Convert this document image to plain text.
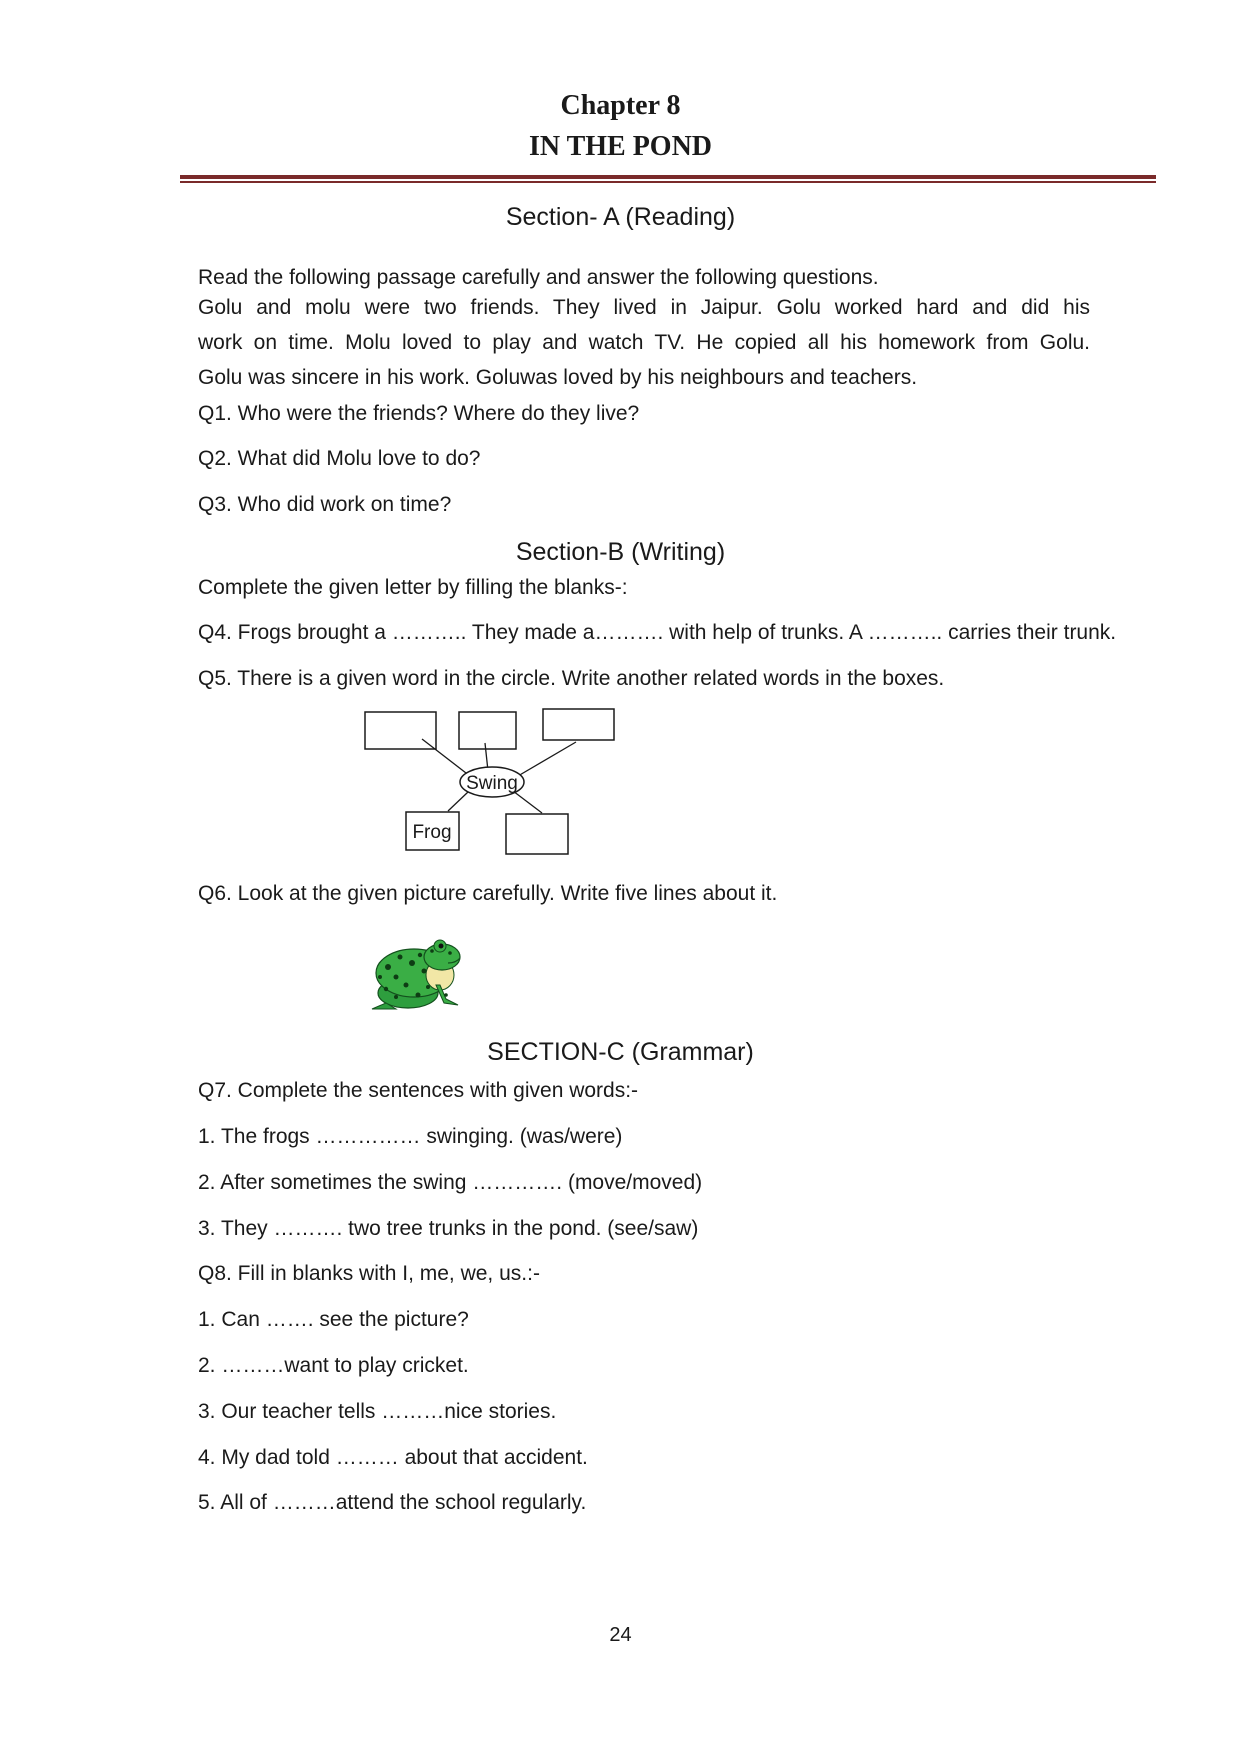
Chapter 8
IN THE POND
Section- A (Reading)
Read the following passage carefully and answer the following questions.
Golu and molu were two friends. They lived in Jaipur. Golu worked hard and did his
work on time. Molu loved to play and watch TV. He copied all his homework from Golu.
Golu was sincere in his work. Goluwas loved by his neighbours and teachers.
Q1. Who were the friends? Where do they live?
Q2. What did Molu love to do?
Q3. Who did work on time?
Section-B (Writing)
Complete the given letter by filling the blanks-:
Q4. Frogs brought a ……….. They made a………. with help of trunks. A ……….. carries their trunk.
Q5. There is a given word in the circle. Write another related words in the boxes.
Swing
Frog
Q6. Look at the given picture carefully. Write five lines about it.
SECTION-C (Grammar)
Q7. Complete the sentences with given words:-
1. The frogs …………… swinging. (was/were)
2. After sometimes the swing …………. (move/moved)
3. They ………. two tree trunks in the pond. (see/saw)
Q8. Fill in blanks with I, me, we, us.:-
1. Can ……. see the picture?
2. ………want to play cricket.
3. Our teacher tells ………nice stories.
4. My dad told ……… about that accident.
5. All of ………attend the school regularly.
24
